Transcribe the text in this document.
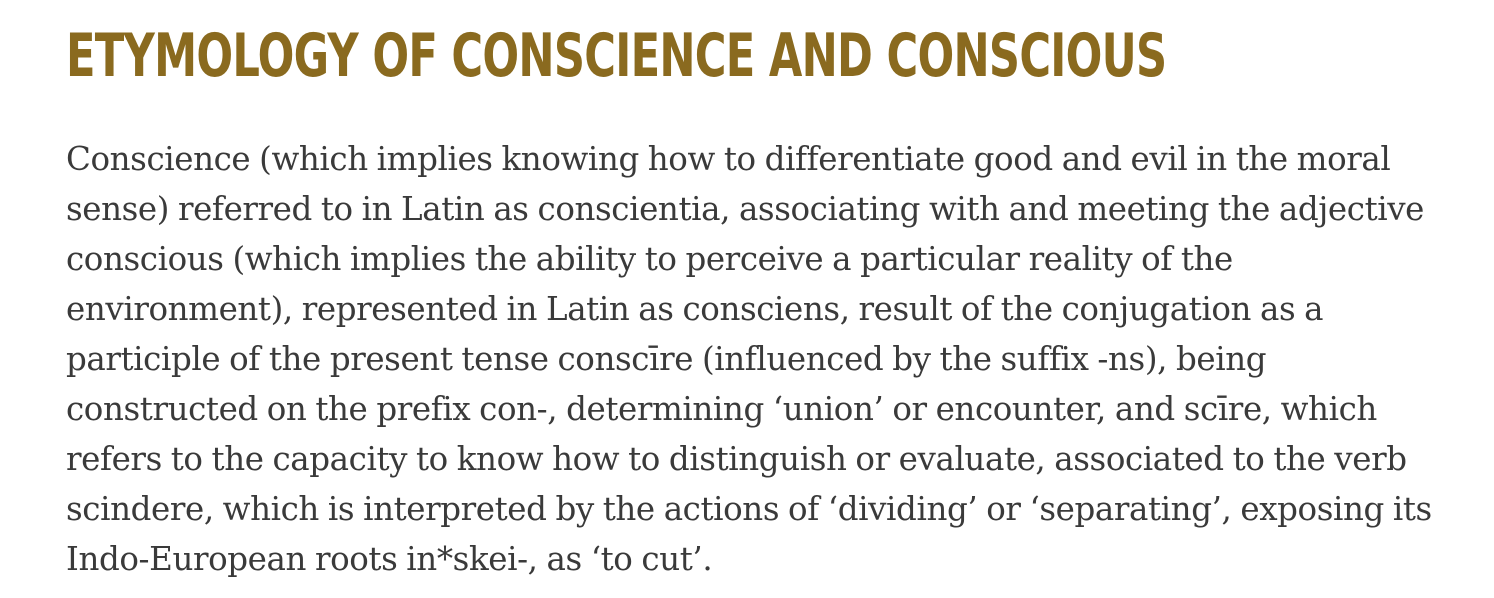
ETYMOLOGY OF CONSCIENCE AND CONSCIOUS

Conscience (which implies knowing how to differentiate good and evil in the moral sense) referred to in Latin as conscientia, associating with and meeting the adjective conscious (which implies the ability to perceive a particular reality of the environment), represented in Latin as consciens, result of the conjugation as a participle of the present tense conscīre (influenced by the suffix -ns), being constructed on the prefix con-, determining ‘union’ or encounter, and scīre, which refers to the capacity to know how to distinguish or evaluate, associated to the verb scindere, which is interpreted by the actions of ‘dividing’ or ‘separating’, exposing its Indo-European roots in*skei-, as ‘to cut’.
